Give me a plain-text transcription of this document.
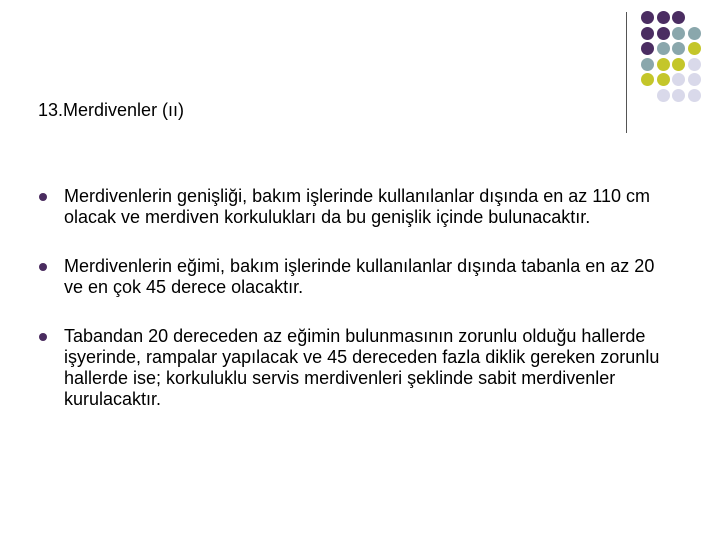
13.Merdivenler (ıı)
Merdivenlerin genişliği, bakım işlerinde kullanılanlar dışında en az 110 cm olacak ve merdiven korkulukları da bu genişlik içinde bulunacaktır.
Merdivenlerin eğimi, bakım işlerinde kullanılanlar dışında tabanla en az 20 ve en çok 45 derece olacaktır.
Tabandan 20 dereceden az eğimin bulunmasının zorunlu olduğu hallerde işyerinde, rampalar yapılacak ve 45 dereceden fazla diklik gereken zorunlu hallerde ise; korkuluklu servis merdivenleri şeklinde sabit merdivenler kurulacaktır.
